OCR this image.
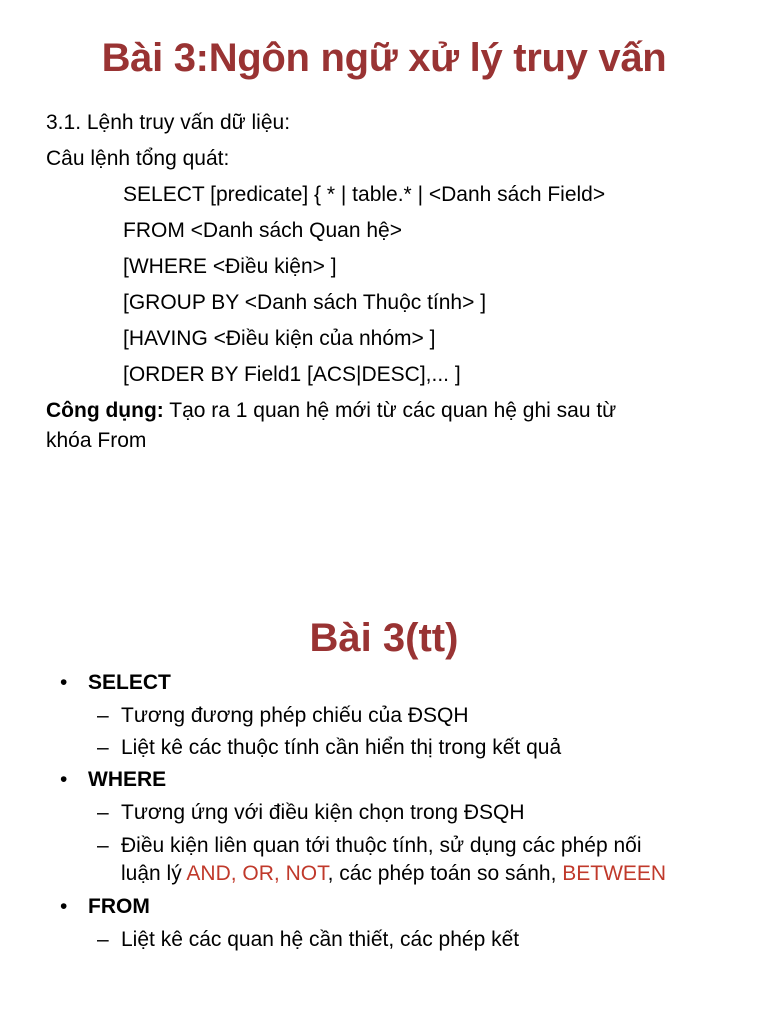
Bài 3:Ngôn ngữ xử lý truy vấn
3.1. Lệnh truy vấn dữ liệu:
Câu lệnh tổng quát:
SELECT [predicate] { * | table.* | <Danh sách Field>
FROM <Danh sách Quan hệ>
[WHERE <Điều kiện> ]
[GROUP BY <Danh sách Thuộc tính> ]
[HAVING <Điều kiện của nhóm> ]
[ORDER BY Field1 [ACS|DESC],... ]
Công dụng: Tạo ra 1 quan hệ mới từ các quan hệ ghi sau từ
khóa From
Bài 3(tt)
• SELECT
– Tương đương phép chiếu của ĐSQH
– Liệt kê các thuộc tính cần hiển thị trong kết quả
• WHERE
– Tương ứng với điều kiện chọn trong ĐSQH
– Điều kiện liên quan tới thuộc tính, sử dụng các phép nối
luận lý AND, OR, NOT, các phép toán so sánh, BETWEEN
• FROM
– Liệt kê các quan hệ cần thiết, các phép kết
